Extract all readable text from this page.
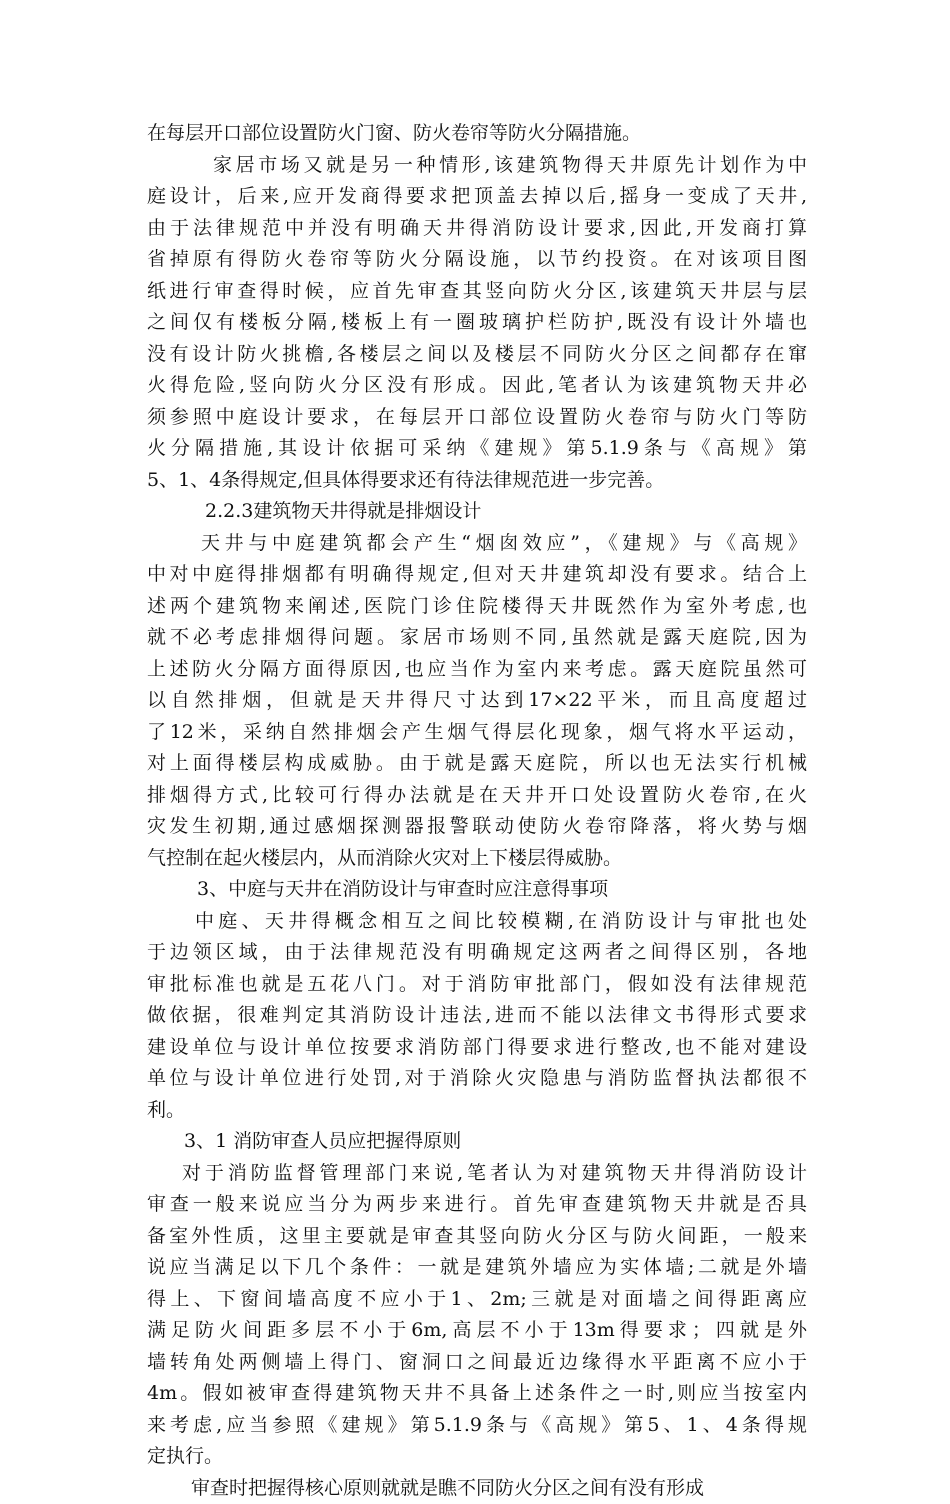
在每层开口部位设置防火门窗、防火卷帘等防火分隔措施。
家居市场又就是另一种情形,该建筑物得天井原先计划作为中
庭设计，后来,应开发商得要求把顶盖去掉以后,摇身一变成了天井,
由于法律规范中并没有明确天井得消防设计要求,因此,开发商打算
省掉原有得防火卷帘等防火分隔设施，以节约投资。在对该项目图
纸进行审查得时候，应首先审查其竖向防火分区,该建筑天井层与层
之间仅有楼板分隔,楼板上有一圈玻璃护栏防护,既没有设计外墙也
没有设计防火挑檐,各楼层之间以及楼层不同防火分区之间都存在窜
火得危险,竖向防火分区没有形成。因此,笔者认为该建筑物天井必
须参照中庭设计要求，在每层开口部位设置防火卷帘与防火门等防
火分隔措施,其设计依据可采纳《建规》第5.1.9条与《高规》第
5、1、4条得规定,但具体得要求还有待法律规范进一步完善。
2.2.3建筑物天井得就是排烟设计
天井与中庭建筑都会产生“烟囱效应”，《建规》与《高规》
中对中庭得排烟都有明确得规定,但对天井建筑却没有要求。结合上
述两个建筑物来阐述,医院门诊住院楼得天井既然作为室外考虑,也
就不必考虑排烟得问题。家居市场则不同,虽然就是露天庭院,因为
上述防火分隔方面得原因,也应当作为室内来考虑。露天庭院虽然可
以自然排烟，但就是天井得尺寸达到17×22平米，而且高度超过
了12米，采纳自然排烟会产生烟气得层化现象，烟气将水平运动，
对上面得楼层构成威胁。由于就是露天庭院，所以也无法实行机械
排烟得方式,比较可行得办法就是在天井开口处设置防火卷帘,在火
灾发生初期,通过感烟探测器报警联动使防火卷帘降落，将火势与烟
气控制在起火楼层内，从而消除火灾对上下楼层得威胁。
3、中庭与天井在消防设计与审查时应注意得事项
中庭、天井得概念相互之间比较模糊,在消防设计与审批也处
于边领区域，由于法律规范没有明确规定这两者之间得区别，各地
审批标准也就是五花八门。对于消防审批部门，假如没有法律规范
做依据，很难判定其消防设计违法,进而不能以法律文书得形式要求
建设单位与设计单位按要求消防部门得要求进行整改,也不能对建设
单位与设计单位进行处罚,对于消除火灾隐患与消防监督执法都很不
利。
3、1 消防审查人员应把握得原则
对于消防监督管理部门来说,笔者认为对建筑物天井得消防设计
审查一般来说应当分为两步来进行。首先审查建筑物天井就是否具
备室外性质，这里主要就是审查其竖向防火分区与防火间距，一般来
说应当满足以下几个条件：一就是建筑外墙应为实体墙;二就是外墙
得上、下窗间墙高度不应小于1、2m;三就是对面墙之间得距离应
满足防火间距多层不小于6m,高层不小于13m得要求；四就是外
墙转角处两侧墙上得门、窗洞口之间最近边缘得水平距离不应小于
4m。假如被审查得建筑物天井不具备上述条件之一时,则应当按室内
来考虑,应当参照《建规》第5.1.9条与《高规》第5、1、4条得规
定执行。
审查时把握得核心原则就就是瞧不同防火分区之间有没有形成
